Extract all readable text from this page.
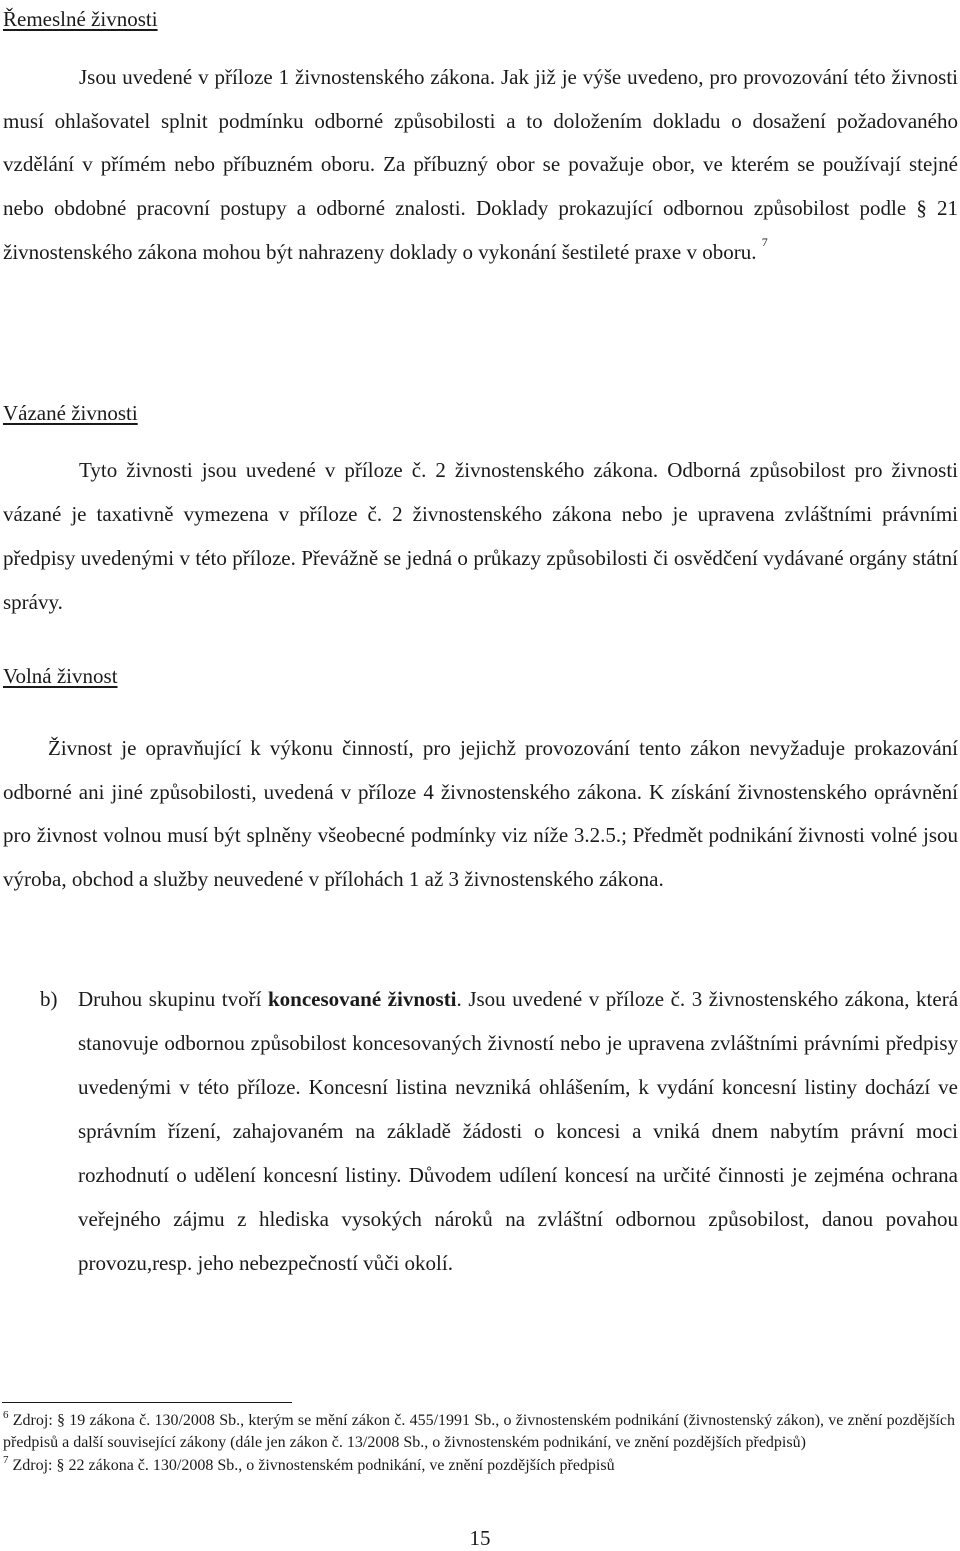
Řemeslné živnosti

Jsou uvedené v příloze 1 živnostenského zákona. Jak již je výše uvedeno, pro provozování této živnosti musí ohlašovatel splnit podmínku odborné způsobilosti a to doložením dokladu o dosažení požadovaného vzdělání v přímém nebo příbuzném oboru. Za příbuzný obor se považuje obor, ve kterém se používají stejné nebo obdobné pracovní postupy a odborné znalosti. Doklady prokazující odbornou způsobilost podle § 21 živnostenského zákona mohou být nahrazeny doklady o vykonání šestileté praxe v oboru. $^7$

Vázané živnosti

Tyto živnosti jsou uvedené v příloze č. 2 živnostenského zákona. Odborná způsobilost pro živnosti vázané je taxativně vymezena v příloze č. 2 živnostenského zákona nebo je upravena zvláštními právními předpisy uvedenými v této příloze. Převážně se jedná o průkazy způsobilosti či osvědčení vydávané orgány státní správy.

Volná živnost

Živnost je opravňující k výkonu činností, pro jejichž provozování tento zákon nevyžaduje prokazování odborné ani jiné způsobilosti, uvedená v příloze 4 živnostenského zákona. K získání živnostenského oprávnění pro živnost volnou musí být splněny všeobecné podmínky viz níže 3.2.5.; Předmět podnikání živnosti volné jsou výroba, obchod a služby neuvedené v přílohách 1 až 3 živnostenského zákona.

b) Druhou skupinu tvoří koncesované živnosti. Jsou uvedené v příloze č. 3 živnostenského zákona, která stanovuje odbornou způsobilost koncesovaných živností nebo je upravena zvláštními právními předpisy uvedenými v této příloze. Koncesní listina nevzniká ohlášením, k vydání koncesní listiny dochází ve správním řízení, zahajovaném na základě žádosti o koncesi a vniká dnem nabytím právní moci rozhodnutí o udělení koncesní listiny. Důvodem udílení koncesí na určité činnosti je zejména ochrana veřejného zájmu z hlediska vysokých nároků na zvláštní odbornou způsobilost, danou povahou provozu,resp. jeho nebezpečností vůči okolí.

$^6$ Zdroj: § 19 zákona č. 130/2008 Sb., kterým se mění zákon č. 455/1991 Sb., o živnostenském podnikání (živnostenský zákon), ve znění pozdějších předpisů a další související zákony (dále jen zákon č. 13/2008 Sb., o živnostenském podnikání, ve znění pozdějších předpisů)

$^7$ Zdroj: § 22 zákona č. 130/2008 Sb., o živnostenském podnikání, ve znění pozdějších předpisů

15
